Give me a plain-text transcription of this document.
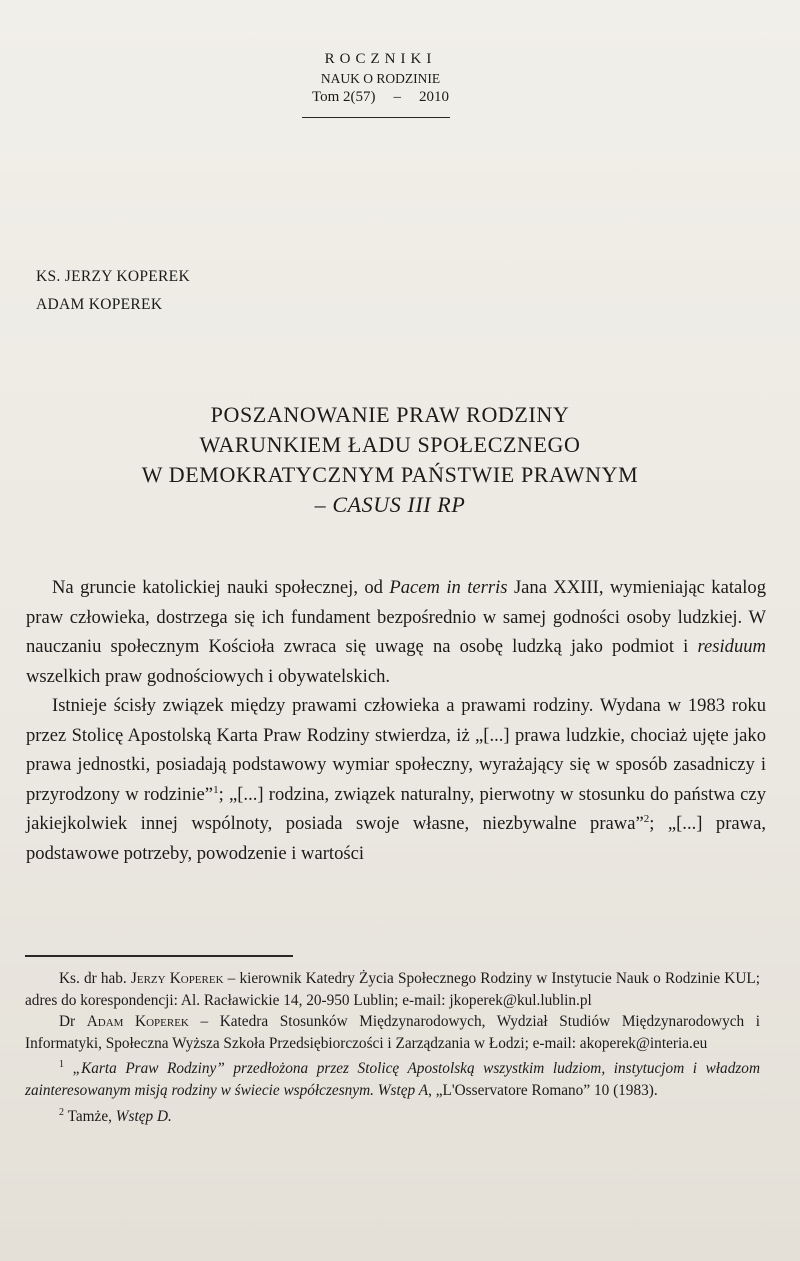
ROCZNIKI
NAUK O RODZINIE
Tom 2(57) – 2010
KS. JERZY KOPEREK
ADAM KOPEREK
POSZANOWANIE PRAW RODZINY
WARUNKIEM ŁADU SPOŁECZNEGO
W DEMOKRATYCZNYM PAŃSTWIE PRAWNYM
– CASUS III RP

Na gruncie katolickiej nauki społecznej, od Pacem in terris Jana XXIII, wymieniając katalog praw człowieka, dostrzega się ich fundament bezpośrednio w samej godności osoby ludzkiej. W nauczaniu społecznym Kościoła zwraca się uwagę na osobę ludzką jako podmiot i residuum wszelkich praw godnościowych i obywatelskich.

Istnieje ścisły związek między prawami człowieka a prawami rodziny. Wydana w 1983 roku przez Stolicę Apostolską Karta Praw Rodziny stwierdza, iż „[...] prawa ludzkie, chociaż ujęte jako prawa jednostki, posiadają podstawowy wymiar społeczny, wyrażający się w sposób zasadniczy i przyrodzony w rodzinie”$^1$; „[...] rodzina, związek naturalny, pierwotny w stosunku do państwa czy jakiejkolwiek innej wspólnoty, posiada swoje własne, niezbywalne prawa”$^2$; „[...] prawa, podstawowe potrzeby, powodzenie i wartości

Ks. dr hab. Jerzy Koperek – kierownik Katedry Życia Społecznego Rodziny w Instytucie Nauk o Rodzinie KUL; adres do korespondencji: Al. Racławickie 14, 20-950 Lublin; e-mail: jkoperek@kul.lublin.pl

Dr Adam Koperek – Katedra Stosunków Międzynarodowych, Wydział Studiów Międzynarodowych i Informatyki, Społeczna Wyższa Szkoła Przedsiębiorczości i Zarządzania w Łodzi; e-mail: akoperek@interia.eu

$^1$ „Karta Praw Rodziny” przedłożona przez Stolicę Apostolską wszystkim ludziom, instytucjom i władzom zainteresowanym misją rodziny w świecie współczesnym. Wstęp A, „L'Osservatore Romano” 10 (1983).

$^2$ Tamże, Wstęp D.
